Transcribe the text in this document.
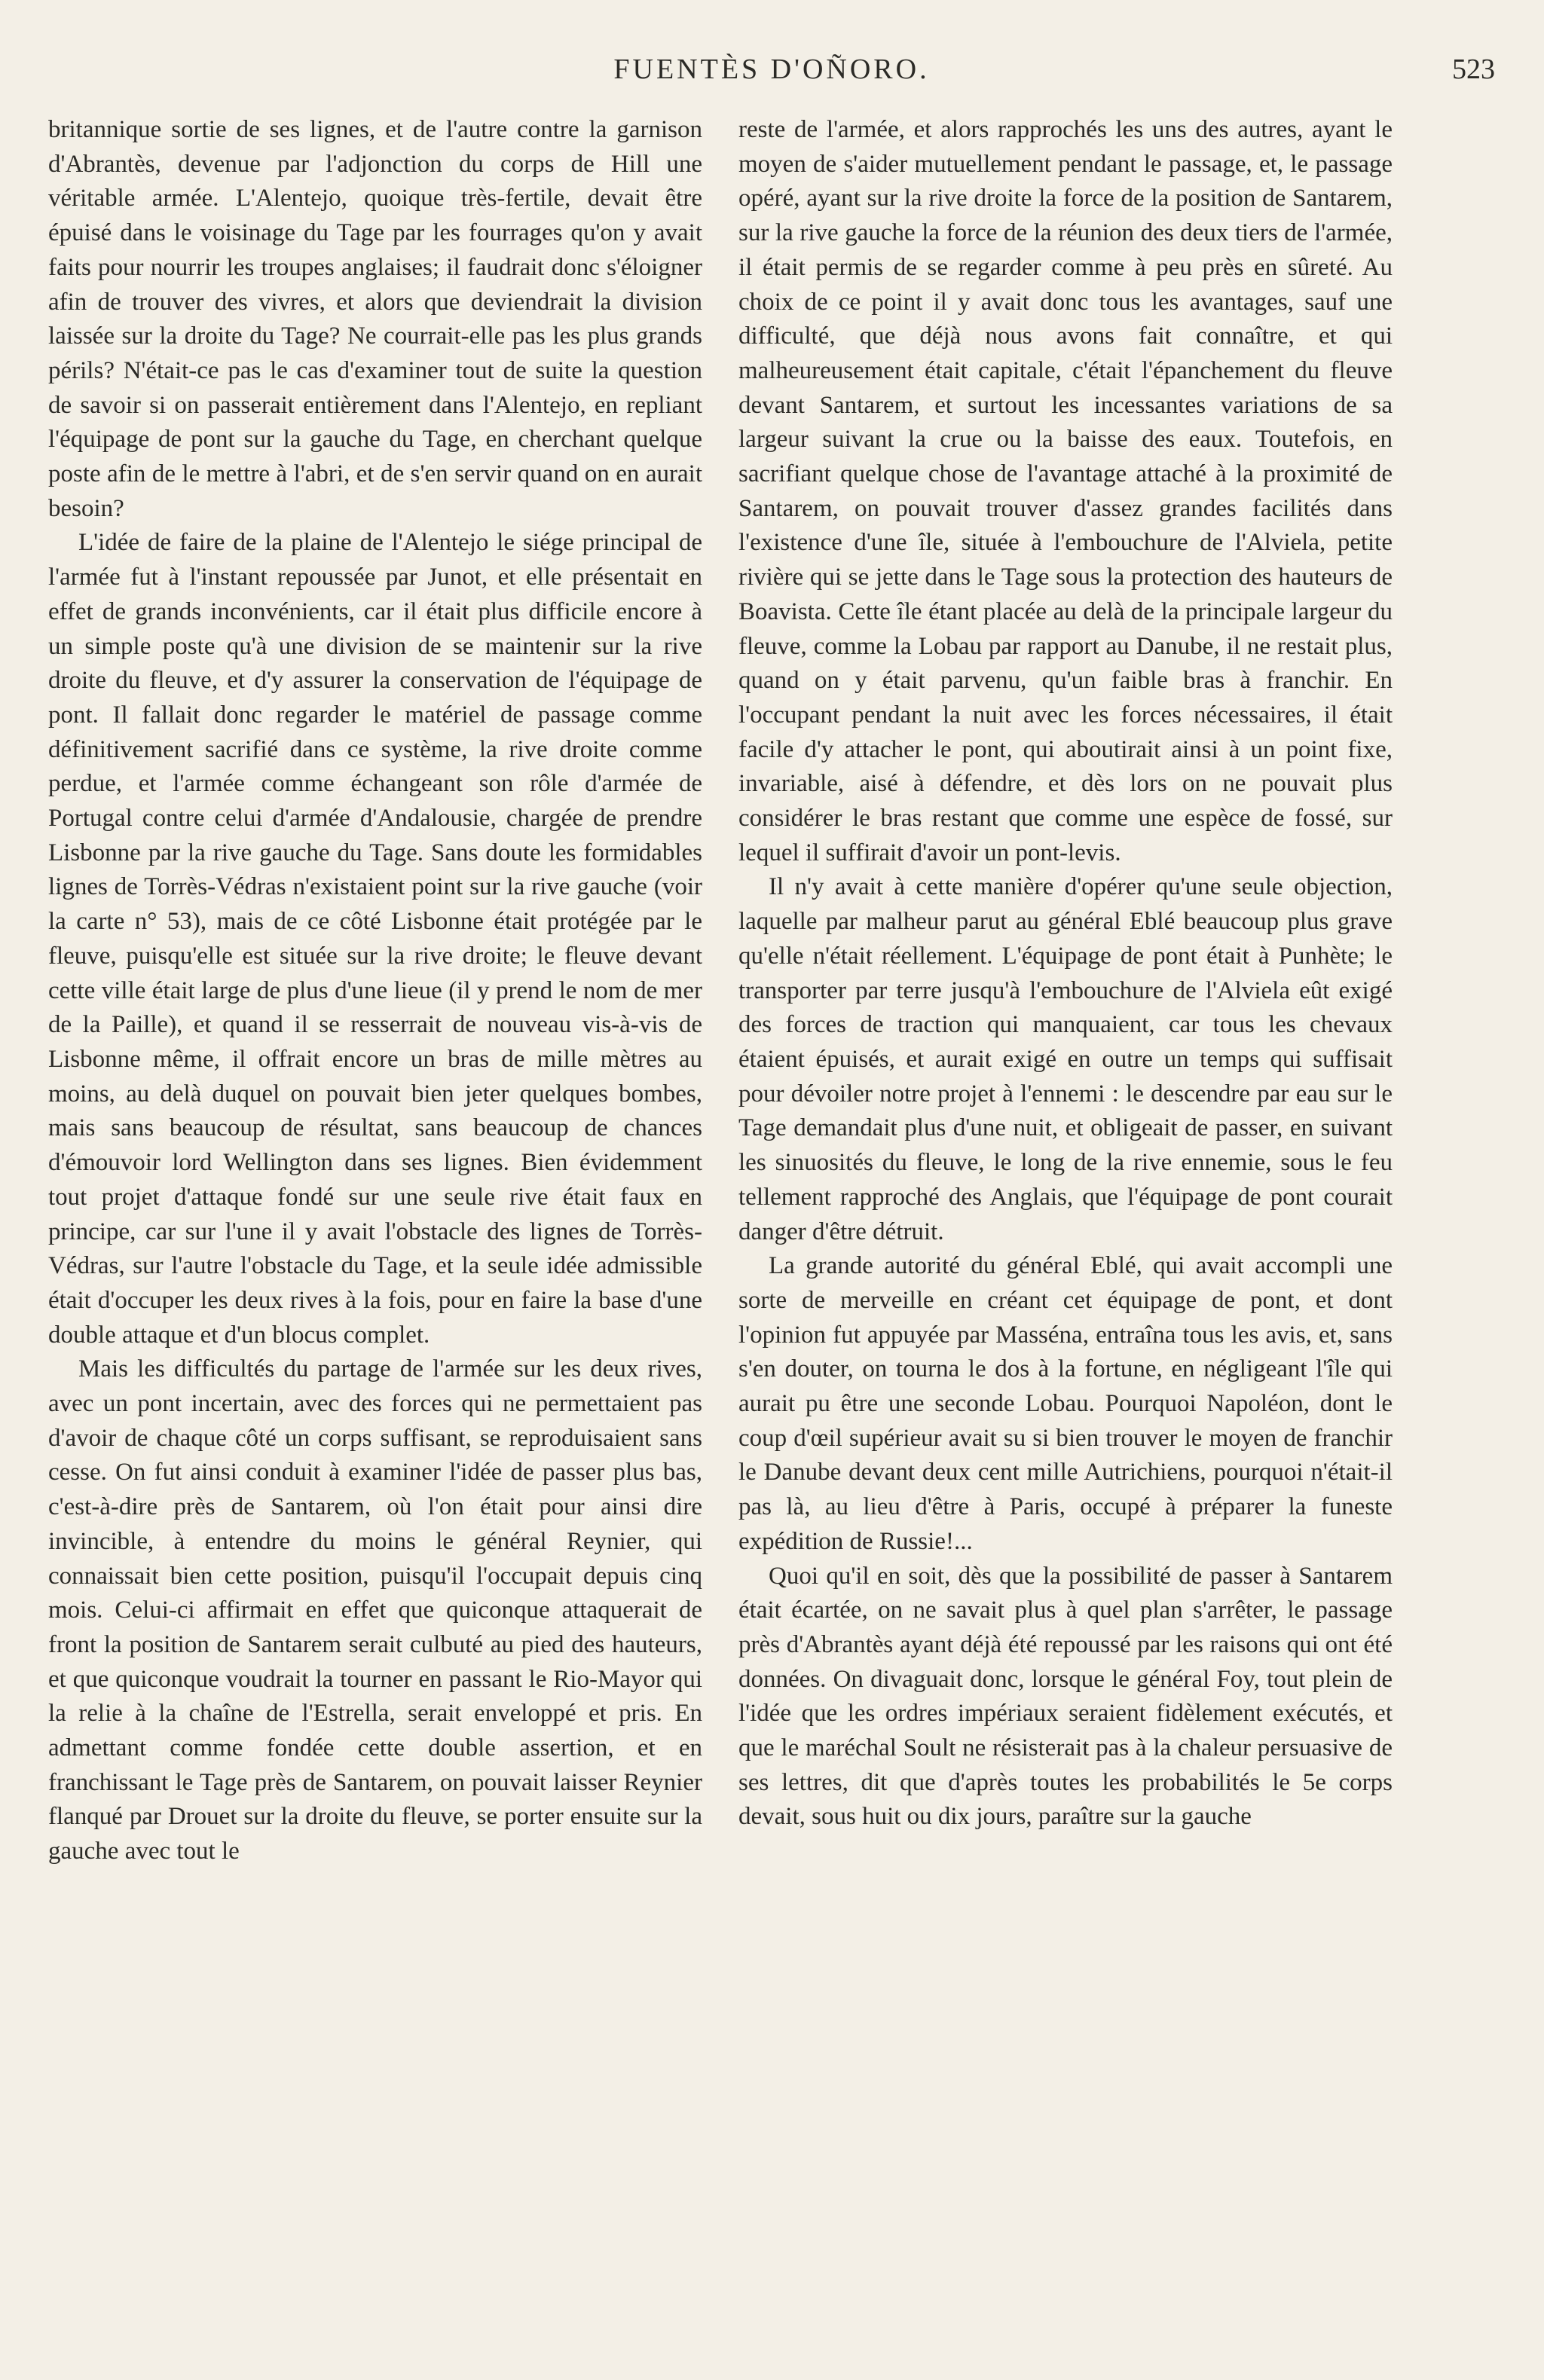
FUENTÈS D'OÑORO.	523

britannique sortie de ses lignes, et de l'autre contre la garnison d'Abrantès, devenue par l'adjonction du corps de Hill une véritable armée. L'Alentejo, quoique très-fertile, devait être épuisé dans le voisinage du Tage par les fourrages qu'on y avait faits pour nourrir les troupes anglaises; il faudrait donc s'éloigner afin de trouver des vivres, et alors que deviendrait la division laissée sur la droite du Tage? Ne courrait-elle pas les plus grands périls? N'était-ce pas le cas d'examiner tout de suite la question de savoir si on passerait entièrement dans l'Alentejo, en repliant l'équipage de pont sur la gauche du Tage, en cherchant quelque poste afin de le mettre à l'abri, et de s'en servir quand on en aurait besoin?

L'idée de faire de la plaine de l'Alentejo le siége principal de l'armée fut à l'instant repoussée par Junot, et elle présentait en effet de grands inconvénients, car il était plus difficile encore à un simple poste qu'à une division de se maintenir sur la rive droite du fleuve, et d'y assurer la conservation de l'équipage de pont. Il fallait donc regarder le matériel de passage comme définitivement sacrifié dans ce système, la rive droite comme perdue, et l'armée comme échangeant son rôle d'armée de Portugal contre celui d'armée d'Andalousie, chargée de prendre Lisbonne par la rive gauche du Tage. Sans doute les formidables lignes de Torrès-Védras n'existaient point sur la rive gauche (voir la carte n° 53), mais de ce côté Lisbonne était protégée par le fleuve, puisqu'elle est située sur la rive droite; le fleuve devant cette ville était large de plus d'une lieue (il y prend le nom de mer de la Paille), et quand il se resserrait de nouveau vis-à-vis de Lisbonne même, il offrait encore un bras de mille mètres au moins, au delà duquel on pouvait bien jeter quelques bombes, mais sans beaucoup de résultat, sans beaucoup de chances d'émouvoir lord Wellington dans ses lignes. Bien évidemment tout projet d'attaque fondé sur une seule rive était faux en principe, car sur l'une il y avait l'obstacle des lignes de Torrès-Védras, sur l'autre l'obstacle du Tage, et la seule idée admissible était d'occuper les deux rives à la fois, pour en faire la base d'une double attaque et d'un blocus complet.

Mais les difficultés du partage de l'armée sur les deux rives, avec un pont incertain, avec des forces qui ne permettaient pas d'avoir de chaque côté un corps suffisant, se reproduisaient sans cesse. On fut ainsi conduit à examiner l'idée de passer plus bas, c'est-à-dire près de Santarem, où l'on était pour ainsi dire invincible, à entendre du moins le général Reynier, qui connaissait bien cette position, puisqu'il l'occupait depuis cinq mois. Celui-ci affirmait en effet que quiconque attaquerait de front la position de Santarem serait culbuté au pied des hauteurs, et que quiconque voudrait la tourner en passant le Rio-Mayor qui la relie à la chaîne de l'Estrella, serait enveloppé et pris. En admettant comme fondée cette double assertion, et en franchissant le Tage près de Santarem, on pouvait laisser Reynier flanqué par Drouet sur la droite du fleuve, se porter ensuite sur la gauche avec tout le

reste de l'armée, et alors rapprochés les uns des autres, ayant le moyen de s'aider mutuellement pendant le passage, et, le passage opéré, ayant sur la rive droite la force de la position de Santarem, sur la rive gauche la force de la réunion des deux tiers de l'armée, il était permis de se regarder comme à peu près en sûreté. Au choix de ce point il y avait donc tous les avantages, sauf une difficulté, que déjà nous avons fait connaître, et qui malheureusement était capitale, c'était l'épanchement du fleuve devant Santarem, et surtout les incessantes variations de sa largeur suivant la crue ou la baisse des eaux. Toutefois, en sacrifiant quelque chose de l'avantage attaché à la proximité de Santarem, on pouvait trouver d'assez grandes facilités dans l'existence d'une île, située à l'embouchure de l'Alviela, petite rivière qui se jette dans le Tage sous la protection des hauteurs de Boavista. Cette île étant placée au delà de la principale largeur du fleuve, comme la Lobau par rapport au Danube, il ne restait plus, quand on y était parvenu, qu'un faible bras à franchir. En l'occupant pendant la nuit avec les forces nécessaires, il était facile d'y attacher le pont, qui aboutirait ainsi à un point fixe, invariable, aisé à défendre, et dès lors on ne pouvait plus considérer le bras restant que comme une espèce de fossé, sur lequel il suffirait d'avoir un pont-levis.

Il n'y avait à cette manière d'opérer qu'une seule objection, laquelle par malheur parut au général Eblé beaucoup plus grave qu'elle n'était réellement. L'équipage de pont était à Punhète; le transporter par terre jusqu'à l'embouchure de l'Alviela eût exigé des forces de traction qui manquaient, car tous les chevaux étaient épuisés, et aurait exigé en outre un temps qui suffisait pour dévoiler notre projet à l'ennemi : le descendre par eau sur le Tage demandait plus d'une nuit, et obligeait de passer, en suivant les sinuosités du fleuve, le long de la rive ennemie, sous le feu tellement rapproché des Anglais, que l'équipage de pont courait danger d'être détruit.

La grande autorité du général Eblé, qui avait accompli une sorte de merveille en créant cet équipage de pont, et dont l'opinion fut appuyée par Masséna, entraîna tous les avis, et, sans s'en douter, on tourna le dos à la fortune, en négligeant l'île qui aurait pu être une seconde Lobau. Pourquoi Napoléon, dont le coup d'œil supérieur avait su si bien trouver le moyen de franchir le Danube devant deux cent mille Autrichiens, pourquoi n'était-il pas là, au lieu d'être à Paris, occupé à préparer la funeste expédition de Russie!...

Quoi qu'il en soit, dès que la possibilité de passer à Santarem était écartée, on ne savait plus à quel plan s'arrêter, le passage près d'Abrantès ayant déjà été repoussé par les raisons qui ont été données. On divaguait donc, lorsque le général Foy, tout plein de l'idée que les ordres impériaux seraient fidèlement exécutés, et que le maréchal Soult ne résisterait pas à la chaleur persuasive de ses lettres, dit que d'après toutes les probabilités le 5e corps devait, sous huit ou dix jours, paraître sur la gauche
